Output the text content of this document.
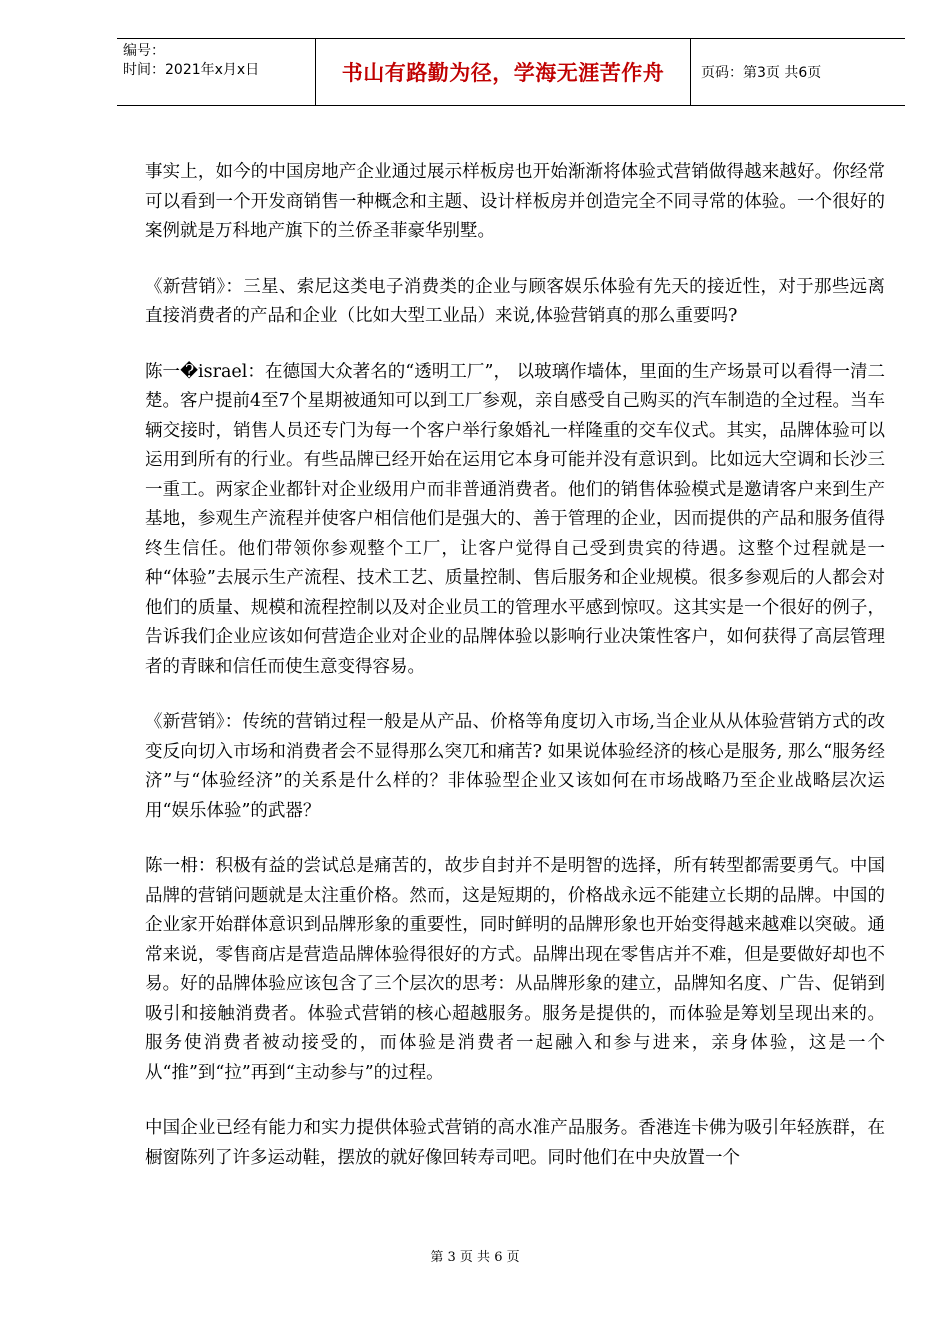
编号：
时间：2021年x月x日	书山有路勤为径，学海无涯苦作舟	页码：第3页 共6页

事实上，如今的中国房地产企业通过展示样板房也开始渐渐将体验式营销做得越来越好。你经常可以看到一个开发商销售一种概念和主题、设计样板房并创造完全不同寻常的体验。一个很好的案例就是万科地产旗下的兰侨圣菲豪华别墅。

《新营销》：三星、索尼这类电子消费类的企业与顾客娱乐体验有先天的接近性，对于那些远离直接消费者的产品和企业（比如大型工业品）来说,体验营销真的那么重要吗?

陈一�israel：在德国大众著名的“透明工厂”， 以玻璃作墙体，里面的生产场景可以看得一清二楚。客户提前4至7个星期被通知可以到工厂参观，亲自感受自己购买的汽车制造的全过程。当车辆交接时，销售人员还专门为每一个客户举行象婚礼一样隆重的交车仪式。其实，品牌体验可以运用到所有的行业。有些品牌已经开始在运用它本身可能并没有意识到。比如远大空调和长沙三一重工。两家企业都针对企业级用户而非普通消费者。他们的销售体验模式是邀请客户来到生产基地，参观生产流程并使客户相信他们是强大的、善于管理的企业，因而提供的产品和服务值得终生信任。他们带领你参观整个工厂，让客户觉得自己受到贵宾的待遇。这整个过程就是一种“体验”去展示生产流程、技术工艺、质量控制、售后服务和企业规模。很多参观后的人都会对他们的质量、规模和流程控制以及对企业员工的管理水平感到惊叹。这其实是一个很好的例子，告诉我们企业应该如何营造企业对企业的品牌体验以影响行业决策性客户，如何获得了高层管理者的青睐和信任而使生意变得容易。

《新营销》：传统的营销过程一般是从产品、价格等角度切入市场,当企业从从体验营销方式的改变反向切入市场和消费者会不显得那么突兀和痛苦? 如果说体验经济的核心是服务, 那么“服务经济”与“体验经济”的关系是什么样的？非体验型企业又该如何在市场战略乃至企业战略层次运用“娱乐体验”的武器？

陈一枏：积极有益的尝试总是痛苦的，故步自封并不是明智的选择，所有转型都需要勇气。中国品牌的营销问题就是太注重价格。然而，这是短期的，价格战永远不能建立长期的品牌。中国的企业家开始群体意识到品牌形象的重要性，同时鲜明的品牌形象也开始变得越来越难以突破。通常来说，零售商店是营造品牌体验得很好的方式。品牌出现在零售店并不难，但是要做好却也不易。好的品牌体验应该包含了三个层次的思考：从品牌形象的建立，品牌知名度、广告、促销到吸引和接触消费者。体验式营销的核心超越服务。服务是提供的，而体验是筹划呈现出来的。 服务使消费者被动接受的，而体验是消费者一起融入和参与进来，亲身体验，这是一个从“推”到“拉”再到“主动参与”的过程。

中国企业已经有能力和实力提供体验式营销的高水准产品服务。香港连卡佛为吸引年轻族群，在橱窗陈列了许多运动鞋，摆放的就好像回转寿司吧。同时他们在中央放置一个

第 3 页 共 6 页
